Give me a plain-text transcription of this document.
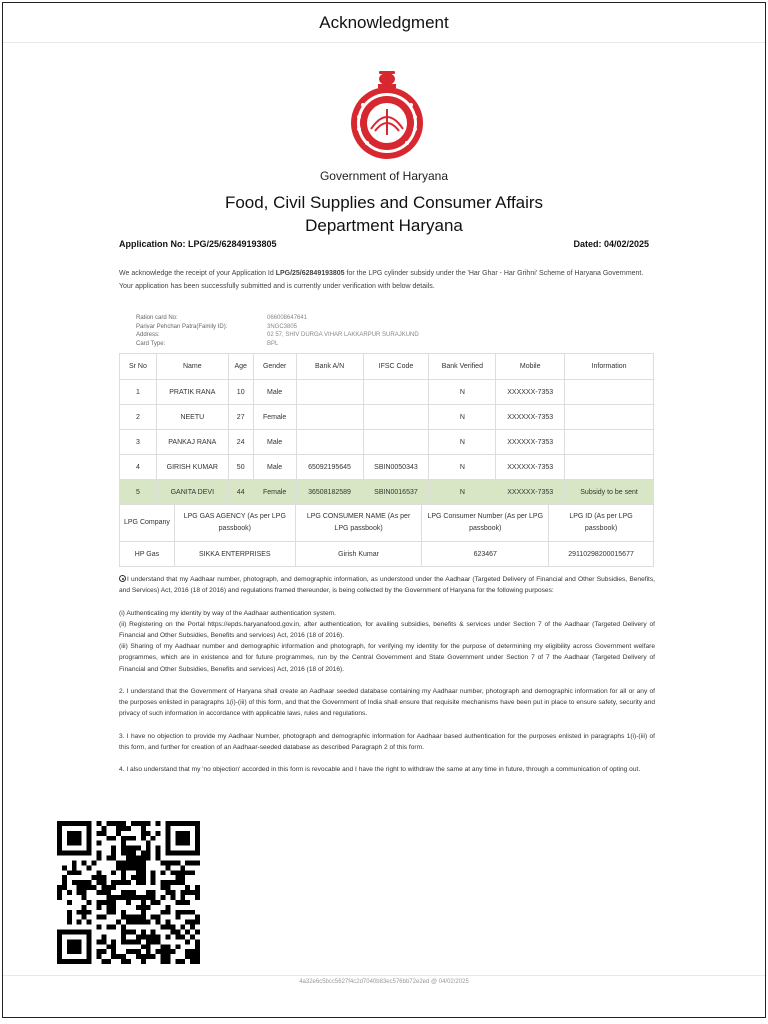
Acknowledgment
Government of Haryana
Food, Civil Supplies and Consumer Affairs
Department Haryana
Application No: LPG/25/62849193805	Dated: 04/02/2025
We acknowledge the receipt of your Application Id LPG/25/62849193805 for the LPG cylinder subsidy under the 'Har Ghar - Har Grihni' Scheme of Haryana Government. Your application has been successfully submitted and is currently under verification with below details.
Ration card No:	066008647641
Parivar Pehchan Patra(Family ID):	3NGC3805
Address:	02 57, SHIV DURGA VIHAR LAKKARPUR SURAJKUND
Card Type:	BPL
Sr No	Name	Age	Gender	Bank A/N	IFSC Code	Bank Verified	Mobile	Information
1	PRATIK RANA	10	Male			N	XXXXXX-7353	
2	NEETU	27	Female			N	XXXXXX-7353	
3	PANKAJ RANA	24	Male			N	XXXXXX-7353	
4	GIRISH KUMAR	50	Male	65092195645	SBIN0050343	N	XXXXXX-7353	
5	GANITA DEVI	44	Female	36508182589	SBIN0016537	N	XXXXXX-7353	Subsidy to be sent
LPG Company	LPG GAS AGENCY (As per LPG passbook)	LPG CONSUMER NAME (As per LPG passbook)	LPG Consumer Number (As per LPG passbook)	LPG ID (As per LPG passbook)
HP Gas	SIKKA ENTERPRISES	Girish Kumar	623467	29110298200015677

I understand that my Aadhaar number, photograph, and demographic information, as understood under the Aadhaar (Targeted Delivery of Financial and Other Subsidies, Benefits, and Services) Act, 2016 (18 of 2016) and regulations framed thereunder, is being collected by the Government of Haryana for the following purposes:

(i) Authenticating my identity by way of the Aadhaar authentication system.
(ii) Registering on the Portal https://epds.haryanafood.gov.in, after authentication, for availing subsidies, benefits & services under Section 7 of the Aadhaar (Targeted Delivery of Financial and Other Subsidies, Benefits and services) Act, 2016 (18 of 2016).
(iii) Sharing of my Aadhaar number and demographic information and photograph, for verifying my identity for the purpose of determining my eligibility across Government welfare programmes, which are in existence and for future programmes, run by the Central Government and State Government under Section 7 of 7 the Aadhaar (Targeted Delivery of Financial and Other Subsidies, Benefits and services) Act, 2016 (18 of 2016).

2. I understand that the Government of Haryana shall create an Aadhaar seeded database containing my Aadhaar number, photograph and demographic information for all or any of the purposes enlisted in paragraphs 1(i)-(iii) of this form, and that the Government of India shall ensure that requisite mechanisms have been put in place to ensure safety, security and privacy of such information in accordance with applicable laws, rules and regulations.

3. I have no objection to provide my Aadhaar Number, photograph and demographic information for Aadhaar based authentication for the purposes enlisted in paragraphs 1(i)-(iii) of this form, and further for creation of an Aadhaar-seeded database as described Paragraph 2 of this form.

4. I also understand that my 'no objection' accorded in this form is revocable and I have the right to withdraw the same at any time in future, through a communication of opting out.

4a32e6c5bcc5627f4c2d7040b83ec576bb72e2ed @ 04/02/2025
